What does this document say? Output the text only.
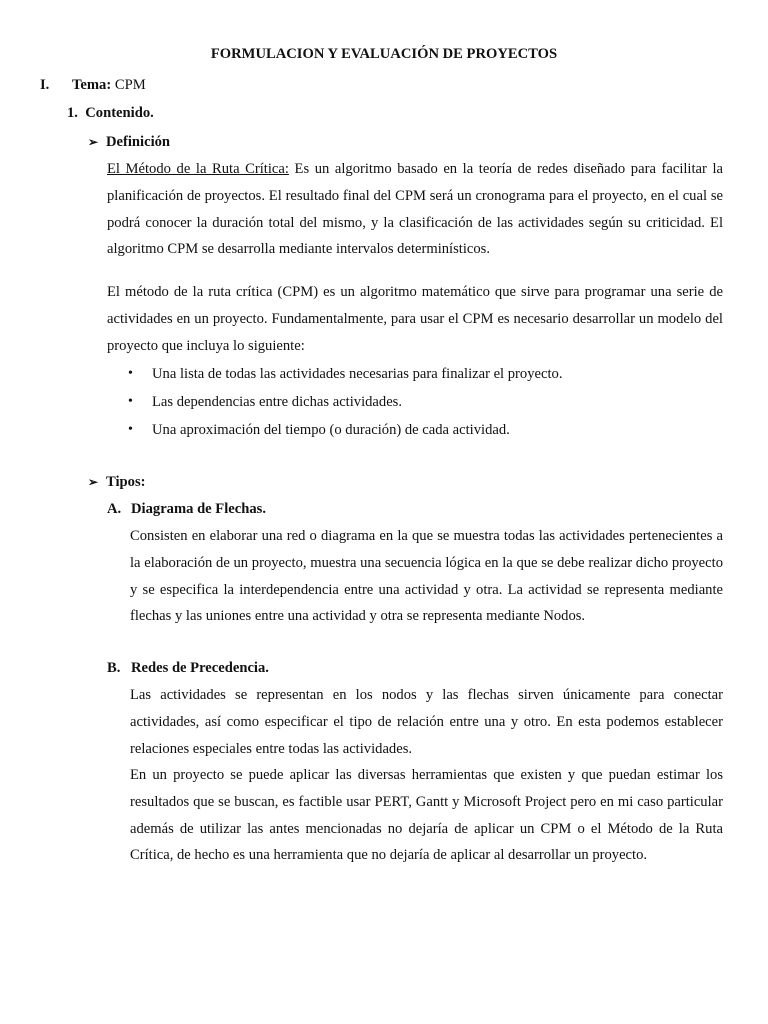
FORMULACION Y EVALUACIÓN DE PROYECTOS
I. Tema: CPM
1. Contenido.
➢ Definición
El Método de la Ruta Crítica: Es un algoritmo basado en la teoría de redes diseñado para facilitar la planificación de proyectos. El resultado final del CPM será un cronograma para el proyecto, en el cual se podrá conocer la duración total del mismo, y la clasificación de las actividades según su criticidad. El algoritmo CPM se desarrolla mediante intervalos determinísticos.

El método de la ruta crítica (CPM) es un algoritmo matemático que sirve para programar una serie de actividades en un proyecto. Fundamentalmente, para usar el CPM es necesario desarrollar un modelo del proyecto que incluya lo siguiente:

• Una lista de todas las actividades necesarias para finalizar el proyecto.
• Las dependencias entre dichas actividades.
• Una aproximación del tiempo (o duración) de cada actividad.
➢ Tipos:
A. Diagrama de Flechas.

Consisten en elaborar una red o diagrama en la que se muestra todas las actividades pertenecientes a la elaboración de un proyecto, muestra una secuencia lógica en la que se debe realizar dicho proyecto y se especifica la interdependencia entre una actividad y otra. La actividad se representa mediante flechas y las uniones entre una actividad y otra se representa mediante Nodos.

B. Redes de Precedencia.

Las actividades se representan en los nodos y las flechas sirven únicamente para conectar actividades, así como especificar el tipo de relación entre una y otro. En esta podemos establecer relaciones especiales entre todas las actividades.

En un proyecto se puede aplicar las diversas herramientas que existen y que puedan estimar los resultados que se buscan, es factible usar PERT, Gantt y Microsoft Project pero en mi caso particular además de utilizar las antes mencionadas no dejaría de aplicar un CPM o el Método de la Ruta Crítica, de hecho es una herramienta que no dejaría de aplicar al desarrollar un proyecto.
